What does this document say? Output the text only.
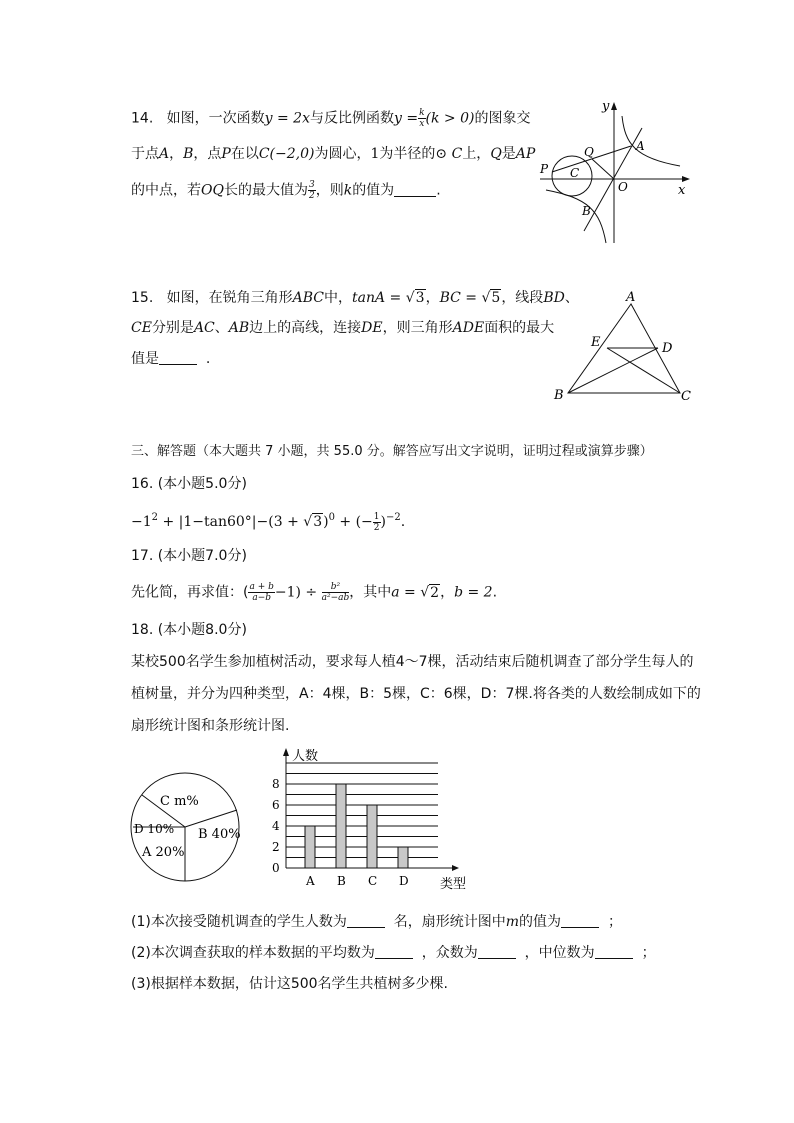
14. 如图，一次函数y = 2x与反比例函数$y = \frac{k}{x} (k > 0)$的图象交
于点A，B，点P在以C(−2,0)为圆心，1为半径的⊙ C上，Q是AP
的中点，若OQ长的最大值为 $\frac{3}{2}$ ，则k的值为	.
y
x
A
B
P
Q
C
O
15. 如图，在锐角三角形ABC中，tanA = √3，BC = √5，线段BD、
CE分别是AC、AB边上的高线，连接DE，则三角形ADE面积的最大
值是	.
A
B	C
D
E
三、解答题（本大题共 7 小题，共 55.0 分。解答应写出文字说明，证明过程或演算步骤）
16. (本小题5.0分)
$-1^2 + |1-\tan 60^\circ|-(3 + √3)^0$ + (− $\frac{1}{2} )^{-2}$.
17. (本小题7.0分)
先化简，再求值：( $\frac{a + b}{a-b} -1) \div \frac{\text{b²}}{\text{a²−ab}}$ ，其中a = √2，b = 2.
18. (本小题8.0分)
某校500名学生参加植树活动，要求每人植4～7棵，活动结束后随机调查了部分学生每人的
植树量，并分为四种类型，A：4棵，B：5棵，C：6棵，D：7棵.将各类的人数绘制成如下的
扇形统计图和条形统计图.
C m%
D 10%
A 20%
B 40%
人数
类型
0
2
4
6
8
A B C D
(1)本次接受随机调查的学生人数为	名，扇形统计图中m的值为	；
(2)本次调查获取的样本数据的平均数为	，众数为	，中位数为	；
(3)根据样本数据，估计这500名学生共植树多少棵.
